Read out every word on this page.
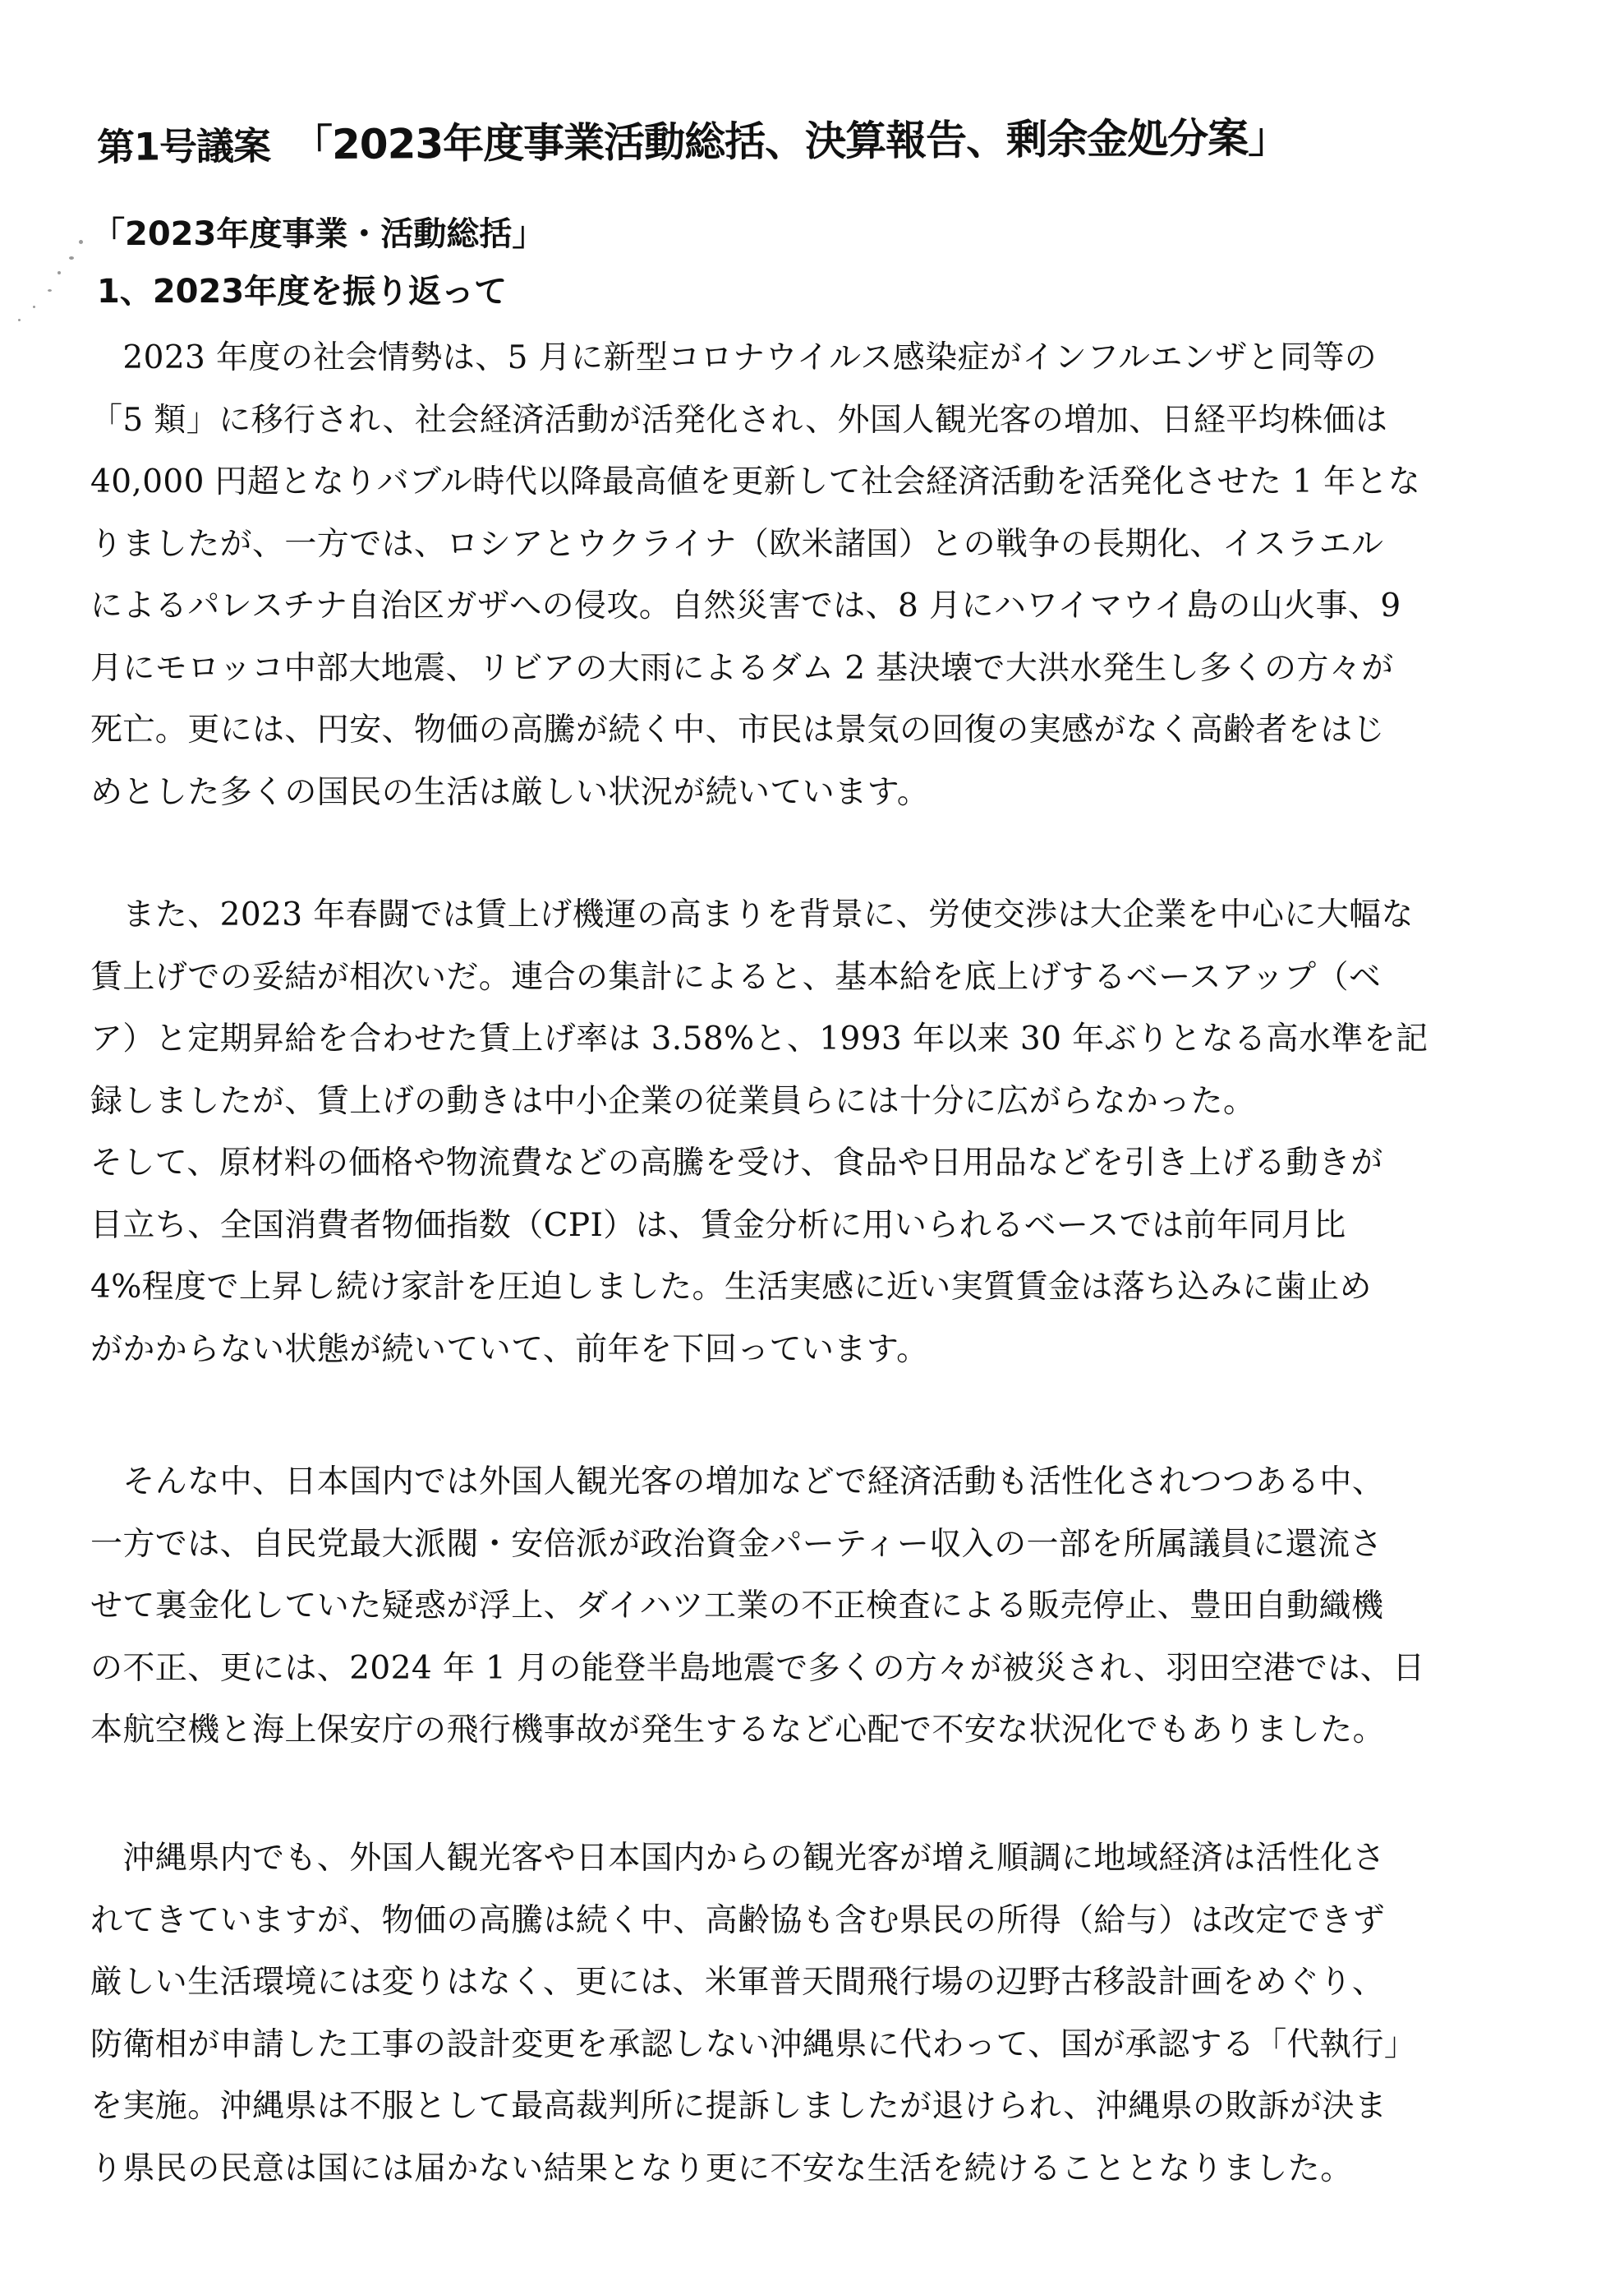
第1号議案 「2023年度事業活動総括、決算報告、剰余金処分案」
「2023年度事業・活動総括」
1、2023年度を振り返って
　2023 年度の社会情勢は、5 月に新型コロナウイルス感染症がインフルエンザと同等の
「5 類」に移行され、社会経済活動が活発化され、外国人観光客の増加、日経平均株価は
40,000 円超となりバブル時代以降最高値を更新して社会経済活動を活発化させた 1 年とな
りましたが、一方では、ロシアとウクライナ（欧米諸国）との戦争の長期化、イスラエル
によるパレスチナ自治区ガザへの侵攻。自然災害では、8 月にハワイマウイ島の山火事、9
月にモロッコ中部大地震、リビアの大雨によるダム 2 基決壊で大洪水発生し多くの方々が
死亡。更には、円安、物価の高騰が続く中、市民は景気の回復の実感がなく高齢者をはじ
めとした多くの国民の生活は厳しい状況が続いています。
　また、2023 年春闘では賃上げ機運の高まりを背景に、労使交渉は大企業を中心に大幅な
賃上げでの妥結が相次いだ。連合の集計によると、基本給を底上げするベースアップ（ベ
ア）と定期昇給を合わせた賃上げ率は 3.58%と、1993 年以来 30 年ぶりとなる高水準を記
録しましたが、賃上げの動きは中小企業の従業員らには十分に広がらなかった。
そして、原材料の価格や物流費などの高騰を受け、食品や日用品などを引き上げる動きが
目立ち、全国消費者物価指数（CPI）は、賃金分析に用いられるベースでは前年同月比
4%程度で上昇し続け家計を圧迫しました。生活実感に近い実質賃金は落ち込みに歯止め
がかからない状態が続いていて、前年を下回っています。
　そんな中、日本国内では外国人観光客の増加などで経済活動も活性化されつつある中、
一方では、自民党最大派閥・安倍派が政治資金パーティー収入の一部を所属議員に還流さ
せて裏金化していた疑惑が浮上、ダイハツ工業の不正検査による販売停止、豊田自動織機
の不正、更には、2024 年 1 月の能登半島地震で多くの方々が被災され、羽田空港では、日
本航空機と海上保安庁の飛行機事故が発生するなど心配で不安な状況化でもありました。
　沖縄県内でも、外国人観光客や日本国内からの観光客が増え順調に地域経済は活性化さ
れてきていますが、物価の高騰は続く中、高齢協も含む県民の所得（給与）は改定できず
厳しい生活環境には変りはなく、更には、米軍普天間飛行場の辺野古移設計画をめぐり、
防衛相が申請した工事の設計変更を承認しない沖縄県に代わって、国が承認する「代執行」
を実施。沖縄県は不服として最高裁判所に提訴しましたが退けられ、沖縄県の敗訴が決ま
り県民の民意は国には届かない結果となり更に不安な生活を続けることとなりました。
